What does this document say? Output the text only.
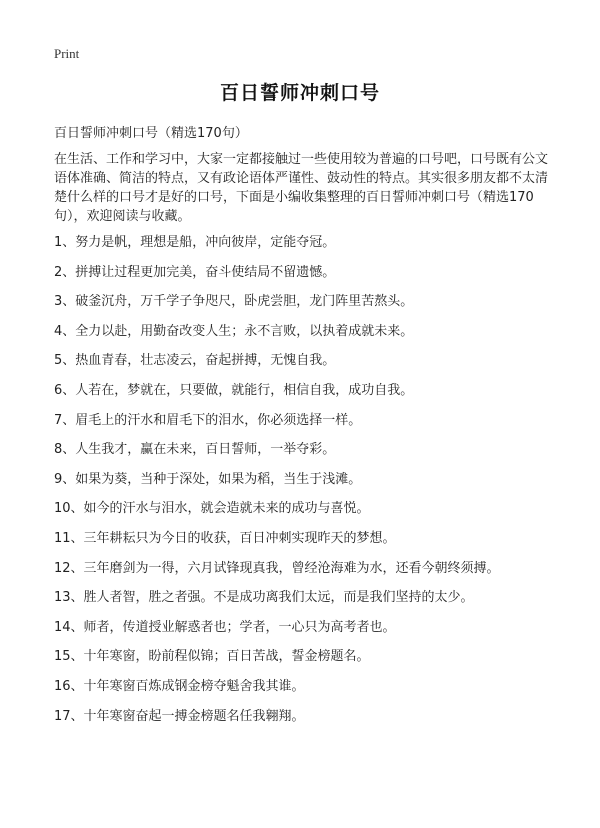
Print
百日誓师冲刺口号
百日誓师冲刺口号（精选170句）
在生活、工作和学习中，大家一定都接触过一些使用较为普遍的口号吧，口号既有公文语体准确、简洁的特点，又有政论语体严谨性、鼓动性的特点。其实很多朋友都不太清楚什么样的口号才是好的口号，下面是小编收集整理的百日誓师冲刺口号（精选170句），欢迎阅读与收藏。
1、努力是帆，理想是船，冲向彼岸，定能夺冠。
2、拼搏让过程更加完美，奋斗使结局不留遗憾。
3、破釜沉舟，万千学子争咫尺，卧虎尝胆，龙门阵里苦熬头。
4、全力以赴，用勤奋改变人生；永不言败，以执着成就未来。
5、热血青春，壮志凌云，奋起拼搏，无愧自我。
6、人若在，梦就在，只要做，就能行，相信自我，成功自我。
7、眉毛上的汗水和眉毛下的泪水，你必须选择一样。
8、人生我才，赢在未来，百日誓师，一举夺彩。
9、如果为葵，当种于深处，如果为稻，当生于浅滩。
10、如今的汗水与泪水，就会造就未来的成功与喜悦。
11、三年耕耘只为今日的收获，百日冲刺实现昨天的梦想。
12、三年磨剑为一得，六月试锋现真我，曾经沧海难为水，还看今朝终须搏。
13、胜人者智，胜之者强。不是成功离我们太远，而是我们坚持的太少。
14、师者，传道授业解惑者也；学者，一心只为高考者也。
15、十年寒窗，盼前程似锦；百日苦战，誓金榜题名。
16、十年寒窗百炼成钢金榜夺魁舍我其谁。
17、十年寒窗奋起一搏金榜题名任我翱翔。
